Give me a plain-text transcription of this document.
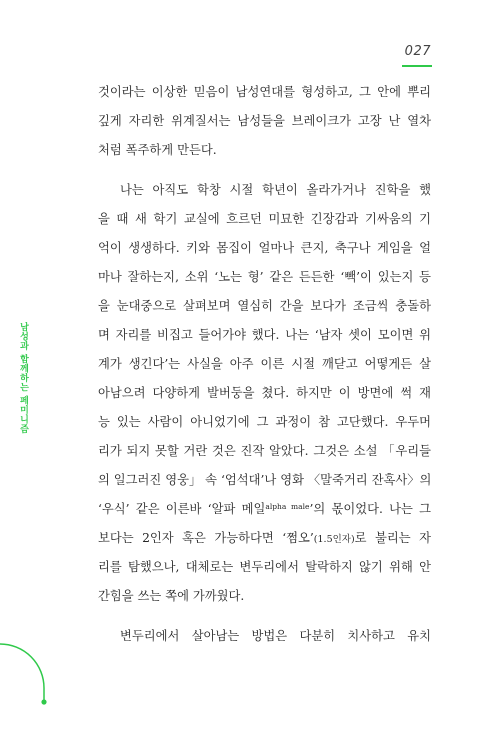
027
남성과 함께하는 페미니즘
것이라는 이상한 믿음이 남성연대를 형성하고, 그 안에 뿌리
깊게 자리한 위계질서는 남성들을 브레이크가 고장 난 열차
처럼 폭주하게 만든다.
나는 아직도 학창 시절 학년이 올라가거나 진학을 했
을 때 새 학기 교실에 흐르던 미묘한 긴장감과 기싸움의 기
억이 생생하다. 키와 몸집이 얼마나 큰지, 축구나 게임을 얼
마나 잘하는지, 소위 ‘노는 형’ 같은 든든한 ‘빽’이 있는지 등
을 눈대중으로 살펴보며 열심히 간을 보다가 조금씩 충돌하
며 자리를 비집고 들어가야 했다. 나는 ‘남자 셋이 모이면 위
계가 생긴다’는 사실을 아주 이른 시절 깨닫고 어떻게든 살
아남으려 다양하게 발버둥을 쳤다. 하지만 이 방면에 썩 재
능 있는 사람이 아니었기에 그 과정이 참 고단했다. 우두머
리가 되지 못할 거란 것은 진작 알았다. 그것은 소설 「우리들
의 일그러진 영웅」 속 ‘엄석대’나 영화 〈말죽거리 잔혹사〉의
‘우식’ 같은 이른바 ‘알파 메일$^{alpha male}$’의 몫이었다. 나는 그
보다는 2인자 혹은 가능하다면 ‘쩜오’(1.5인자)로 불리는 자
리를 탐했으나, 대체로는 변두리에서 탈락하지 않기 위해 안
간힘을 쓰는 쪽에 가까웠다.
변두리에서 살아남는 방법은 다분히 치사하고 유치
